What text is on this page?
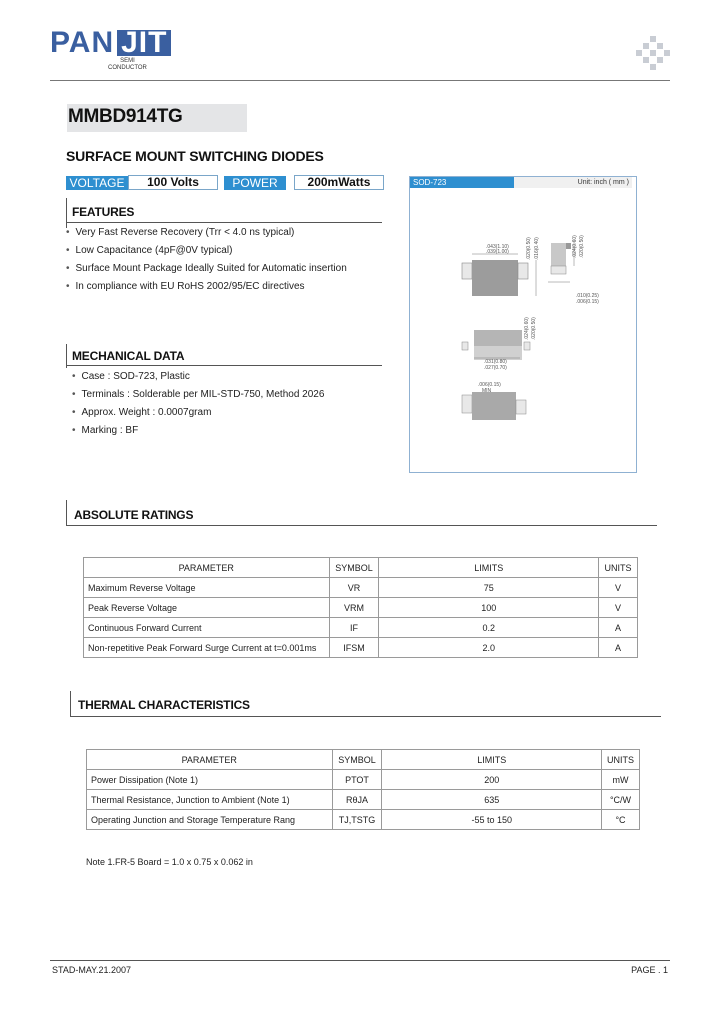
PAN JIT
SEMI
CONDUCTOR
MMBD914TG
SURFACE MOUNT SWITCHING DIODES
VOLTAGE	100 Volts	POWER	200mWatts
FEATURES
• Very Fast Reverse Recovery (Trr < 4.0 ns typical)
• Low Capacitance (4pF@0V typical)
• Surface Mount Package Ideally Suited for Automatic insertion
• In compliance with EU RoHS 2002/95/EC directives
MECHANICAL DATA
• Case : SOD-723, Plastic
• Terminals : Solderable per MIL-STD-750, Method 2026
• Approx. Weight : 0.0007gram
• Marking : BF
SOD-723	Unit: inch ( mm )
.043(1.10)
.039(1.00)	.020(0.50) .016(0.40)	.024(0.60) .020(0.50)
.010(0.25)
.006(0.15)
.024(0.60) .020(0.50)
.031(0.80)
.027(0.70)
.006(0.15)
MIN
ABSOLUTE RATINGS
PARAMETER	SYMBOL	LIMITS	UNITS
Maximum Reverse Voltage	VR	75	V
Peak Reverse Voltage	VRM	100	V
Continuous Forward Current	IF	0.2	A
Non-repetitive Peak Forward Surge Current at t=0.001ms	IFSM	2.0	A
THERMAL CHARACTERISTICS
PARAMETER	SYMBOL	LIMITS	UNITS
Power Dissipation (Note 1)	PTOT	200	mW
Thermal Resistance, Junction to Ambient (Note 1)	RθJA	635	°C/W
Operating Junction and Storage Temperature Rang	TJ,TSTG	-55 to 150	°C
Note 1.FR-5 Board = 1.0 x 0.75 x 0.062 in
STAD-MAY.21.2007	PAGE . 1
